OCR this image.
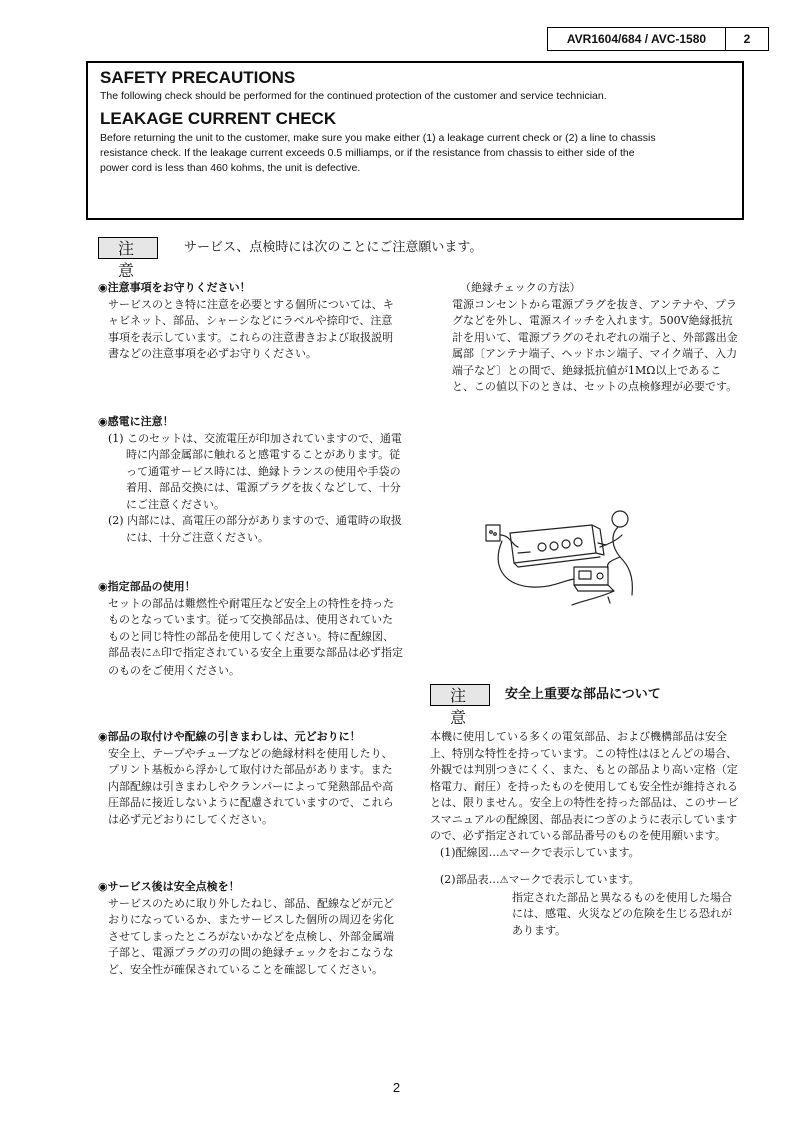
AVR1604/684 / AVC-1580	2
SAFETY PRECAUTIONS

The following check should be performed for the continued protection of the customer and service technician.

LEAKAGE CURRENT CHECK

Before returning the unit to the customer, make sure you make either (1) a leakage current check or (2) a line to chassis

resistance check. If the leakage current exceeds 0.5 milliamps, or if the resistance from chassis to either side of the

power cord is less than 460 kohms, the unit is defective.

注 意
サービス、点検時には次のことにご注意願います。
◉注意事項をお守りください！
サービスのとき特に注意を必要とする個所については、キャビネット、部品、シャーシなどにラベルや捺印で、注意事項を表示しています。これらの注意書きおよび取扱説明書などの注意事項を必ずお守りください。
◉感電に注意！
(1) このセットは、交流電圧が印加されていますので、通電時に内部金属部に触れると感電することがあります。従って通電サービス時には、絶縁トランスの使用や手袋の着用、部品交換には、電源プラグを抜くなどして、十分にご注意ください。
(2) 内部には、高電圧の部分がありますので、通電時の取扱には、十分ご注意ください。
◉指定部品の使用！
セットの部品は難燃性や耐電圧など安全上の特性を持ったものとなっています。従って交換部品は、使用されていたものと同じ特性の部品を使用してください。特に配線図、部品表に⚠印で指定されている安全上重要な部品は必ず指定のものをご使用ください。
◉部品の取付けや配線の引きまわしは、元どおりに！
安全上、テープやチューブなどの絶縁材料を使用したり、プリント基板から浮かして取付けた部品があります。また内部配線は引きまわしやクランパーによって発熱部品や高圧部品に接近しないように配慮されていますので、これらは必ず元どおりにしてください。
◉サービス後は安全点検を！
サービスのために取り外したねじ、部品、配線などが元どおりになっているか、またサービスした個所の周辺を劣化させてしまったところがないかなどを点検し、外部金属端子部と、電源プラグの刃の間の絶縁チェックをおこなうなど、安全性が確保されていることを確認してください。
（絶縁チェックの方法）
電源コンセントから電源プラグを抜き、アンテナや、プラグなどを外し、電源スイッチを入れます。500V絶縁抵抗計を用いて、電源プラグのそれぞれの端子と、外部露出金属部〔アンテナ端子、ヘッドホン端子、マイク端子、入力端子など〕との間で、絶縁抵抗値が1MΩ以上であること、この値以下のときは、セットの点検修理が必要です。
注 意
安全上重要な部品について
本機に使用している多くの電気部品、および機構部品は安全上、特別な特性を持っています。この特性はほとんどの場合、外観では判別つきにくく、また、もとの部品より高い定格（定格電力、耐圧）を持ったものを使用しても安全性が維持されるとは、限りません。安全上の特性を持った部品は、このサービスマニュアルの配線図、部品表につぎのように表示していますので、必ず指定されている部品番号のものを使用願います。
(1)配線図…⚠マークで表示しています。
(2)部品表…⚠マークで表示しています。
指定された部品と異なるものを使用した場合には、感電、火災などの危険を生じる恐れがあります。
2
